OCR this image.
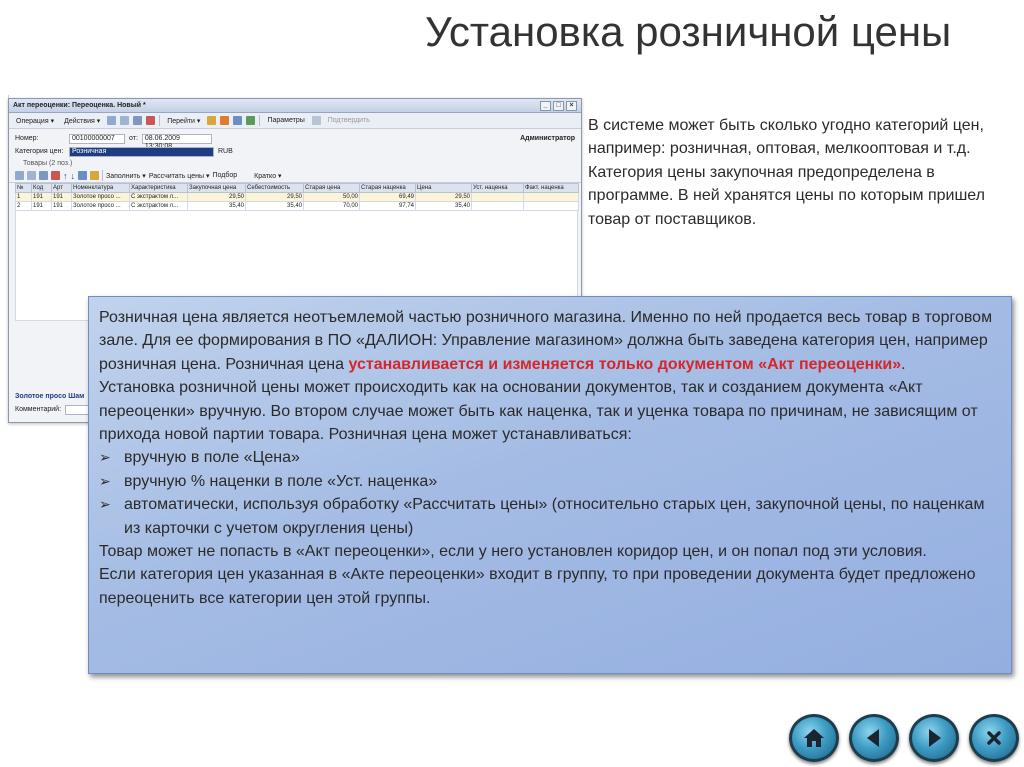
Установка розничной цены
Акт переоценки: Переоценка. Новый *	_	□	×
Операция ▾	Действия ▾	Перейти ▾	Параметры	Подтвердить
Номер:	00100000007	от:	08.06.2009	Администратор
Категория цен:	Розничная	RUB
Товары (2 поз.)
↑ ↓	Заполнить ▾ Рассчитать цены ▾ Подбор Кратко ▾
№	Код	Арт	Номенклатура	Характеристика	Закупочная цена	Себестоимость	Старая цена	Старая наценка	Цена	Уст. наценка	Факт. наценка
1	191	191	Золотое просо ...	С экстрактом л...	29,50	29,50	50,00	69,49	29,50		
2	191	191	Золотое просо ...	С экстрактом л...	35,40	35,40	70,00	97,74	35,40		
Золотое просо Шам
Комментарий:
В системе может быть сколько угодно категорий цен, например: розничная, оптовая, мелкооптовая и т.д. Категория цены закупочная предопределена в программе. В ней хранятся цены по которым пришел товар от поставщиков.
Розничная цена является неотъемлемой частью розничного магазина. Именно по ней продается весь товар в торговом зале. Для ее формирования в ПО «ДАЛИОН: Управление магазином» должна быть заведена категория цен, например розничная цена. Розничная цена устанавливается и изменяется только документом «Акт переоценки».
Установка розничной цены может происходить как на основании документов, так и созданием документа «Акт переоценки» вручную. Во втором случае может быть как наценка, так и уценка товара по причинам, не зависящим от прихода новой партии товара. Розничная цена может устанавливаться:
➢ вручную в поле «Цена»
➢ вручную % наценки в поле «Уст. наценка»
➢ автоматически, используя обработку «Рассчитать цены» (относительно старых цен, закупочной цены, по наценкам из карточки с учетом округления цены)
Товар может не попасть в «Акт переоценки», если у него установлен коридор цен, и он попал под эти условия.
Если категория цен указанная в «Акте переоценки» входит в группу, то при проведении документа будет предложено переоценить все категории цен этой группы.
